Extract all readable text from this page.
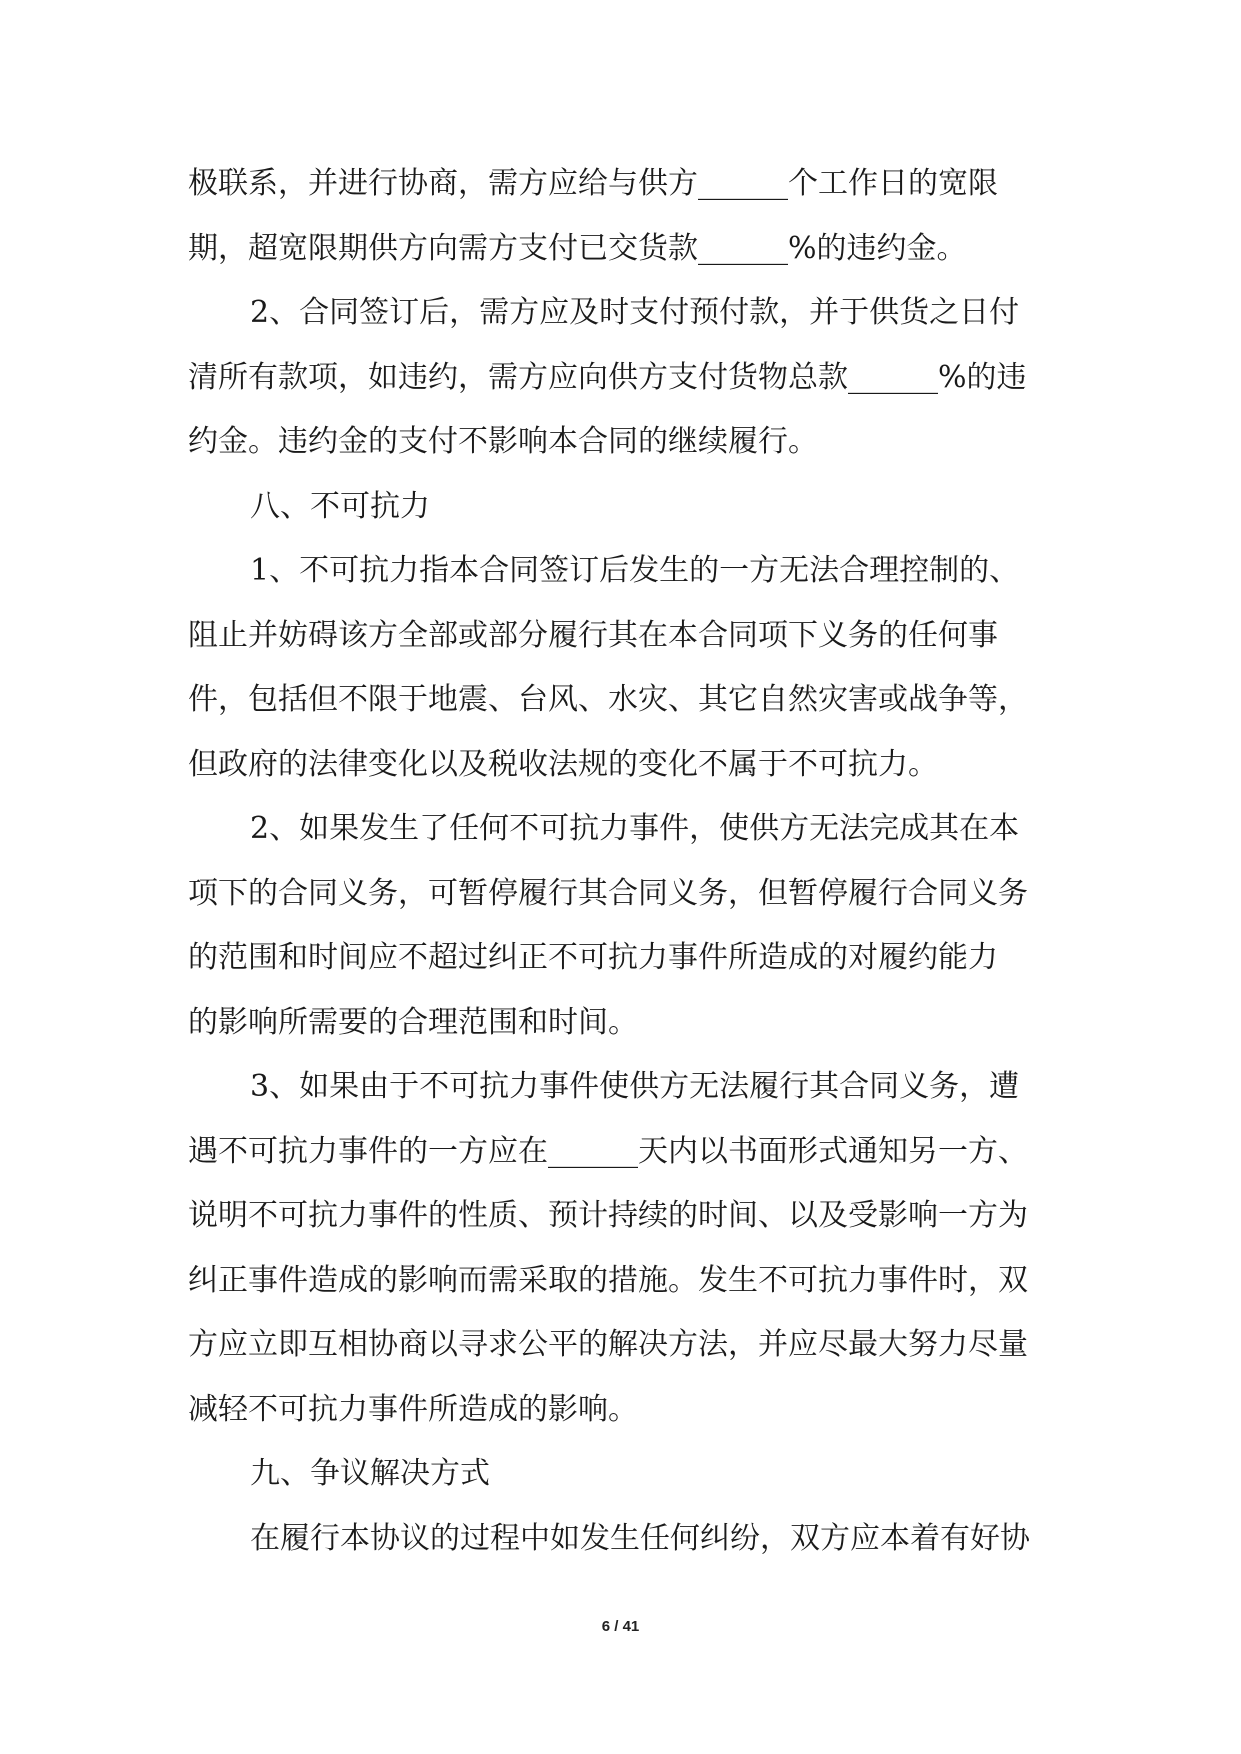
极联系，并进行协商，需方应给与供方______个工作日的宽限
期，超宽限期供方向需方支付已交货款______%的违约金。
2、合同签订后，需方应及时支付预付款，并于供货之日付
清所有款项，如违约，需方应向供方支付货物总款______%的违
约金。违约金的支付不影响本合同的继续履行。
八、不可抗力
1、不可抗力指本合同签订后发生的一方无法合理控制的、
阻止并妨碍该方全部或部分履行其在本合同项下义务的任何事
件，包括但不限于地震、台风、水灾、其它自然灾害或战争等，
但政府的法律变化以及税收法规的变化不属于不可抗力。
2、如果发生了任何不可抗力事件，使供方无法完成其在本
项下的合同义务，可暂停履行其合同义务，但暂停履行合同义务
的范围和时间应不超过纠正不可抗力事件所造成的对履约能力
的影响所需要的合理范围和时间。
3、如果由于不可抗力事件使供方无法履行其合同义务，遭
遇不可抗力事件的一方应在______天内以书面形式通知另一方、
说明不可抗力事件的性质、预计持续的时间、以及受影响一方为
纠正事件造成的影响而需采取的措施。发生不可抗力事件时，双
方应立即互相协商以寻求公平的解决方法，并应尽最大努力尽量
减轻不可抗力事件所造成的影响。
九、争议解决方式
在履行本协议的过程中如发生任何纠纷，双方应本着有好协
6 / 41
